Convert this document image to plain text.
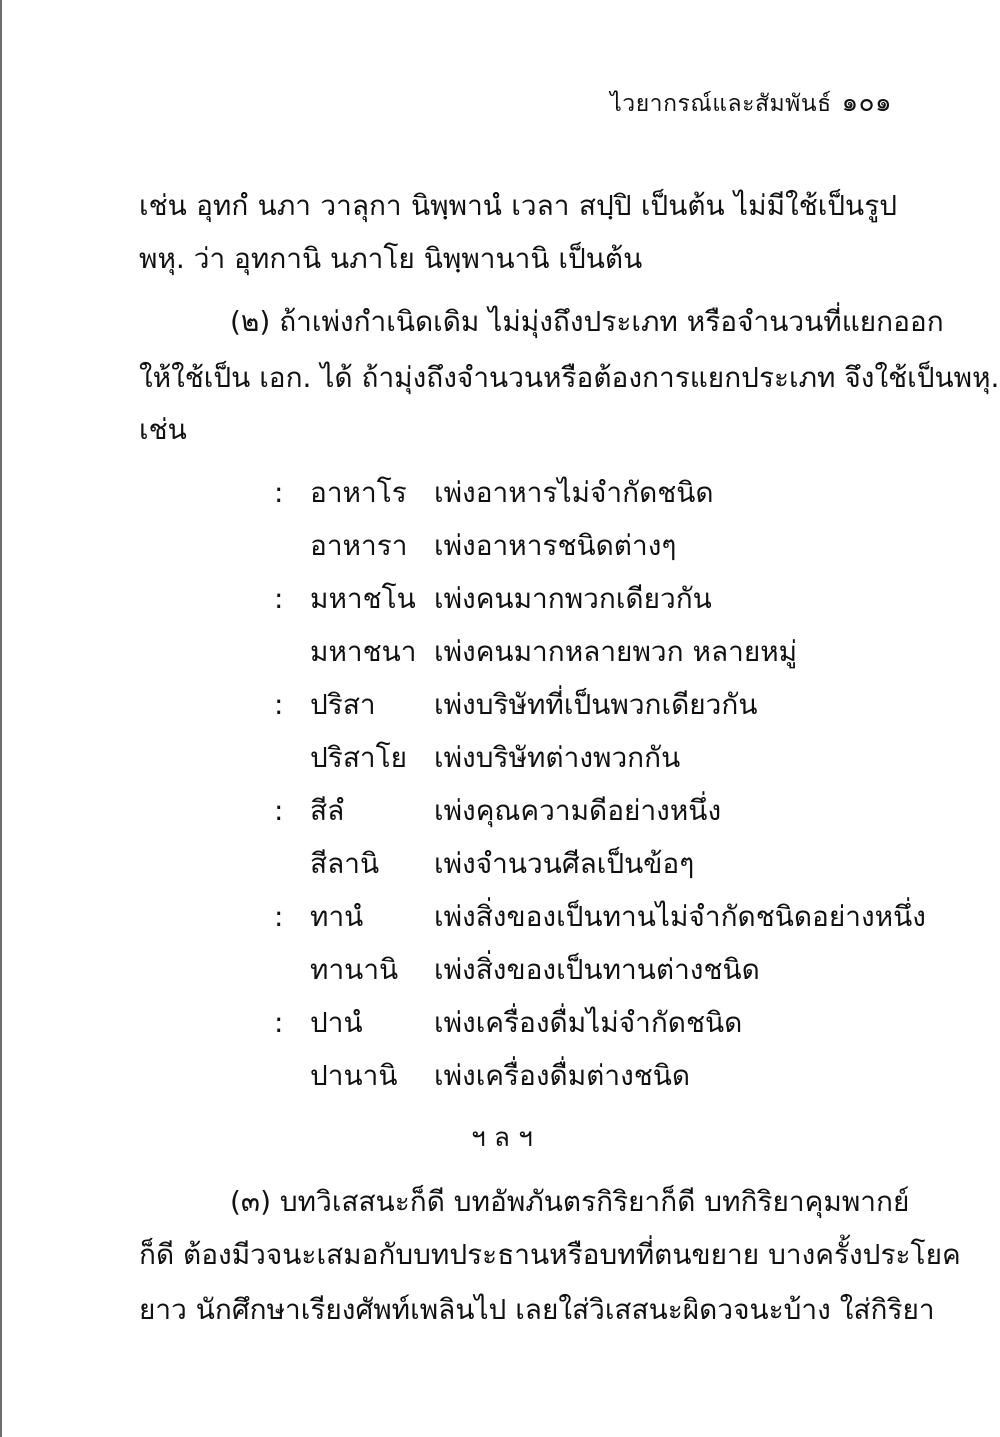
ไวยากรณ์และสัมพันธ์ ๑๐๑
เช่น อุทกํ นภา วาลุกา นิพฺพานํ เวลา สปฺปิ เป็นต้น ไม่มีใช้เป็นรูป
พหุ. ว่า อุทกานิ นภาโย นิพฺพานานิ เป็นต้น
(๒) ถ้าเพ่งกำเนิดเดิม ไม่มุ่งถึงประเภท หรือจำนวนที่แยกออก
ให้ใช้เป็น เอก. ได้ ถ้ามุ่งถึงจำนวนหรือต้องการแยกประเภท จึงใช้เป็นพหุ.
เช่น
: อาหาโร เพ่งอาหารไม่จำกัดชนิด
อาหารา เพ่งอาหารชนิดต่างๆ
: มหาชโน เพ่งคนมากพวกเดียวกัน
มหาชนา เพ่งคนมากหลายพวก หลายหมู่
: ปริสา เพ่งบริษัทที่เป็นพวกเดียวกัน
ปริสาโย เพ่งบริษัทต่างพวกกัน
: สีลํ	เพ่งคุณความดีอย่างหนึ่ง
สีลานิ เพ่งจำนวนศีลเป็นข้อๆ
: ทานํ	เพ่งสิ่งของเป็นทานไม่จำกัดชนิดอย่างหนึ่ง
ทานานิ เพ่งสิ่งของเป็นทานต่างชนิด
: ปานํ	เพ่งเครื่องดื่มไม่จำกัดชนิด
ปานานิ เพ่งเครื่องดื่มต่างชนิด
ฯ ล ฯ
(๓) บทวิเสสนะก็ดี บทอัพภันตรกิริยาก็ดี บทกิริยาคุมพากย์
ก็ดี ต้องมีวจนะเสมอกับบทประธานหรือบทที่ตนขยาย บางครั้งประโยค
ยาว นักศึกษาเรียงศัพท์เพลินไป เลยใส่วิเสสนะผิดวจนะบ้าง ใส่กิริยา
